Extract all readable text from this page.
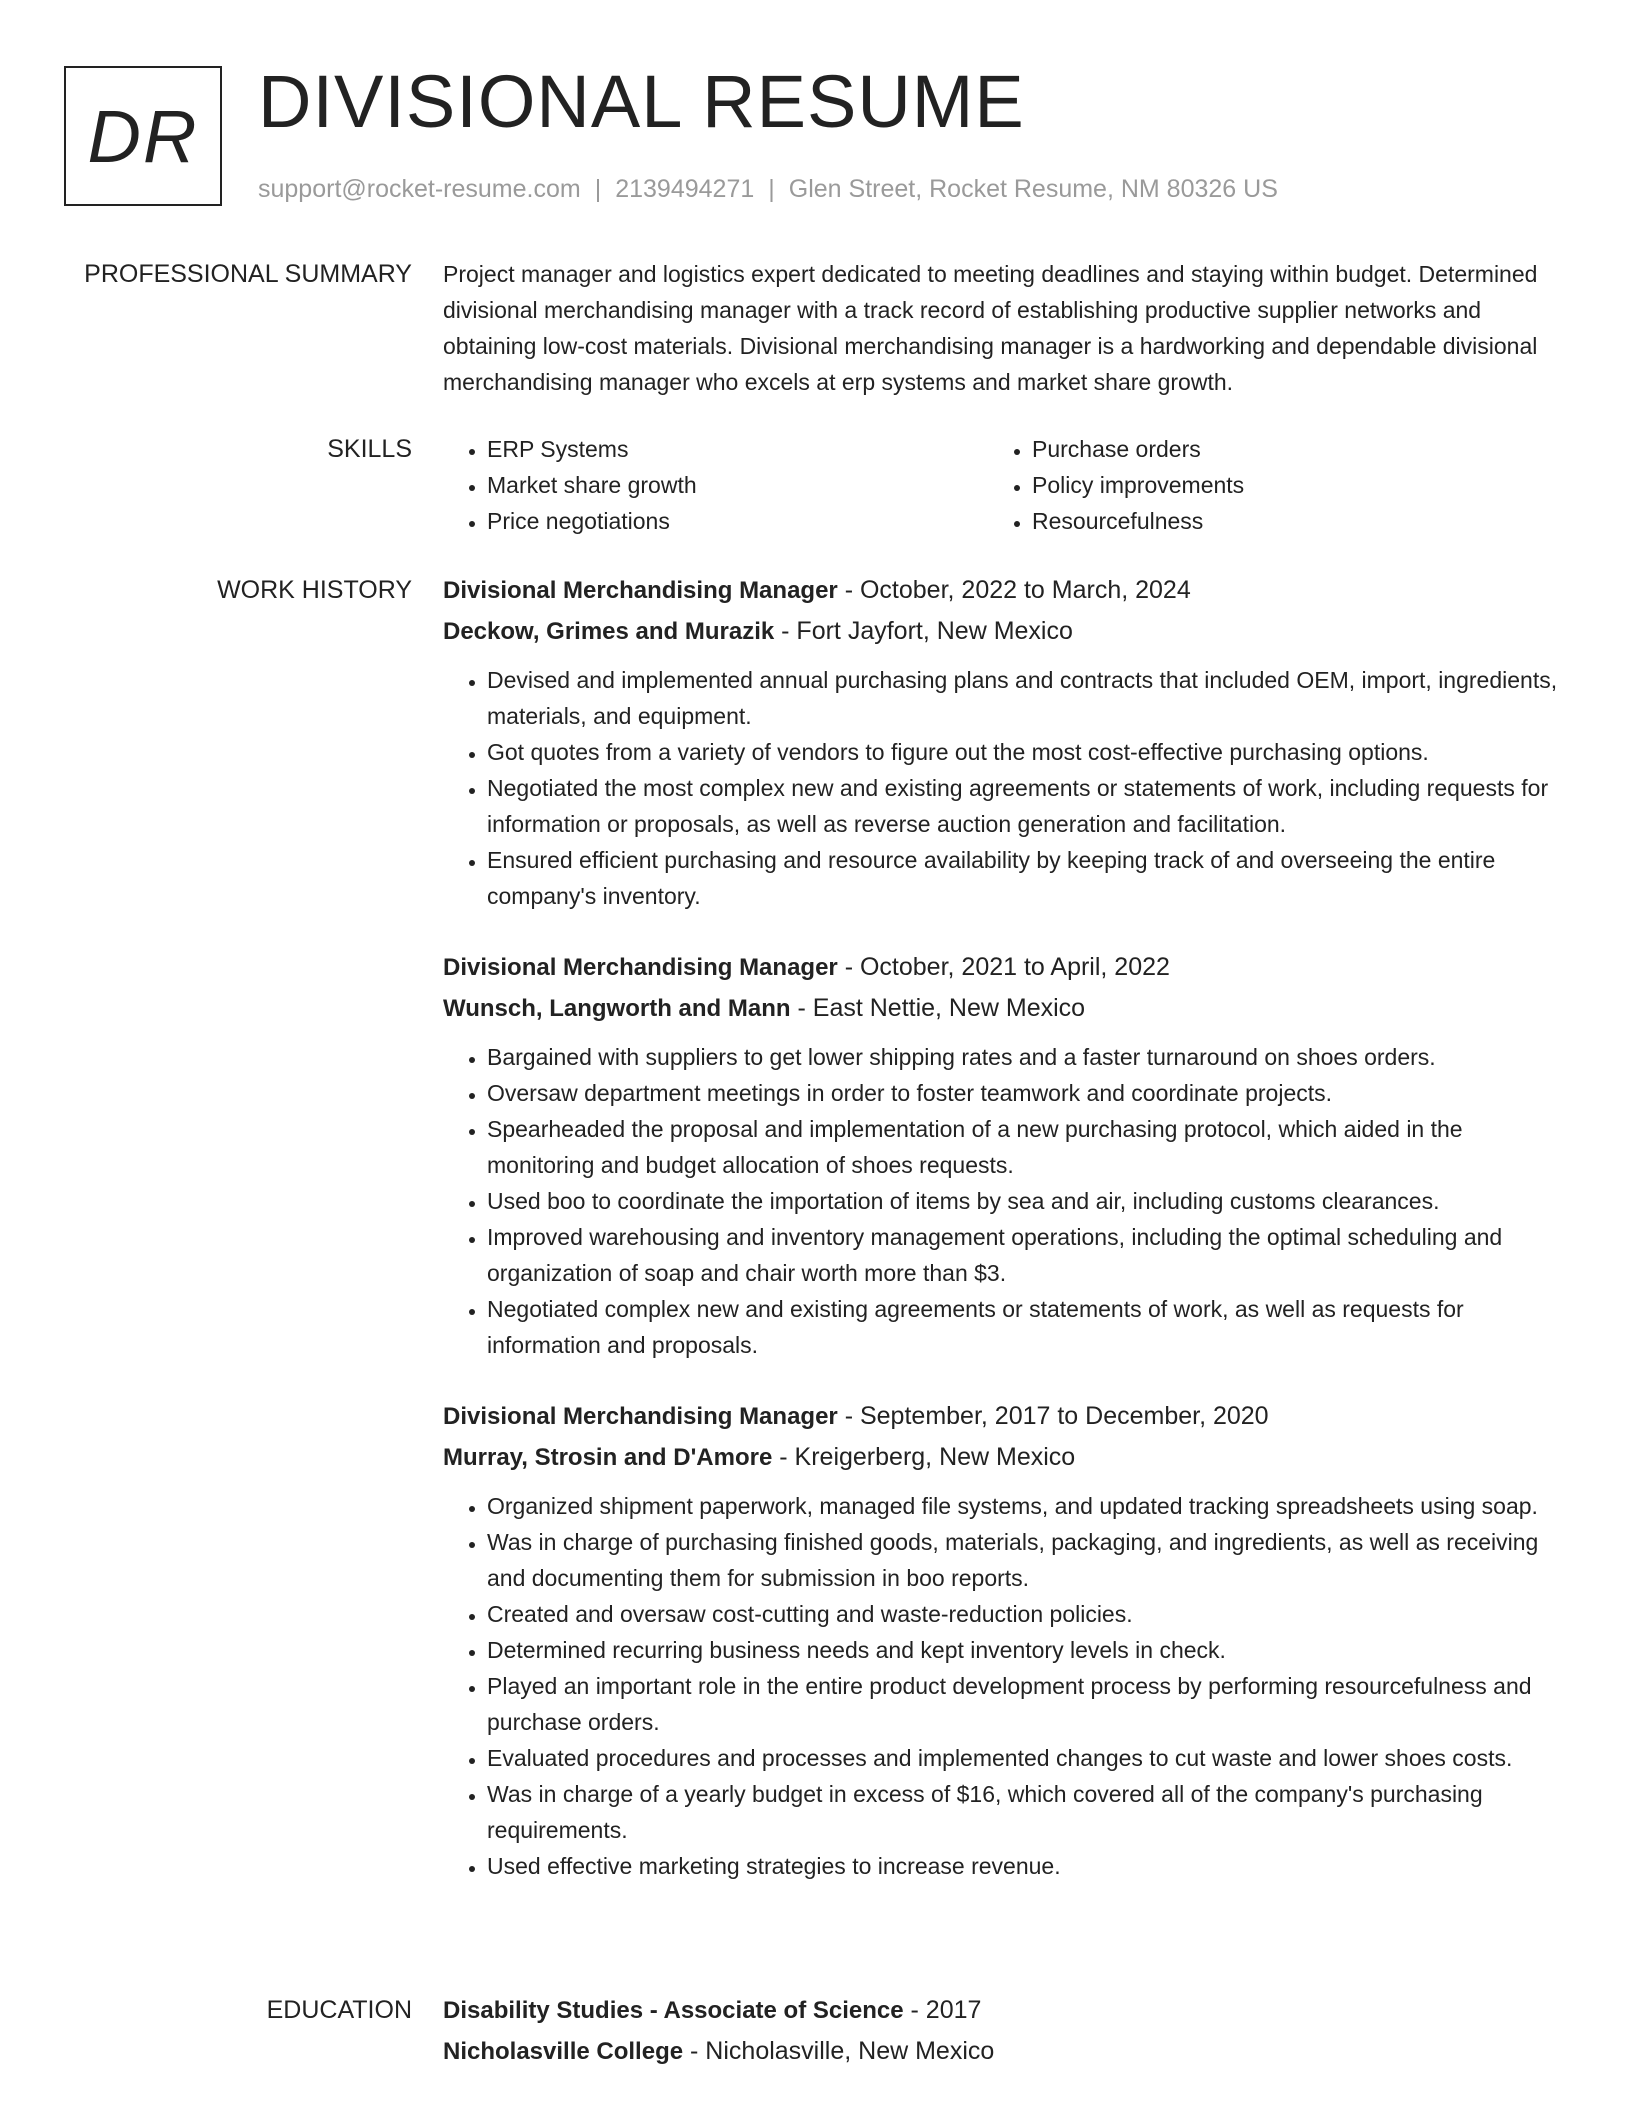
DR DIVISIONAL RESUME
support@rocket-resume.com | 2139494271 | Glen Street, Rocket Resume, NM 80326 US
PROFESSIONAL SUMMARY Project manager and logistics expert dedicated to meeting deadlines and staying within budget. Determined divisional merchandising manager with a track record of establishing productive supplier networks and obtaining low-cost materials. Divisional merchandising manager is a hardworking and dependable divisional merchandising manager who excels at erp systems and market share growth.

SKILLS
•	ERP Systems
• Market share growth
• Price negotiations
• Purchase orders
• Policy improvements
• Resourcefulness
WORK HISTORY Divisional Merchandising Manager - October, 2022 to March, 2024
Deckow, Grimes and Murazik - Fort Jayfort, New Mexico
• Devised and implemented annual purchasing plans and contracts that included OEM, import, ingredients, materials, and equipment.
• Got quotes from a variety of vendors to figure out the most cost-effective purchasing options.
• Negotiated the most complex new and existing agreements or statements of work, including requests for information or proposals, as well as reverse auction generation and facilitation.
• Ensured efficient purchasing and resource availability by keeping track of and overseeing the entire company's inventory.
Divisional Merchandising Manager - October, 2021 to April, 2022
Wunsch, Langworth and Mann - East Nettie, New Mexico
• Bargained with suppliers to get lower shipping rates and a faster turnaround on shoes orders.
• Oversaw department meetings in order to foster teamwork and coordinate projects.
• Spearheaded the proposal and implementation of a new purchasing protocol, which aided in the monitoring and budget allocation of shoes requests.
• Used boo to coordinate the importation of items by sea and air, including customs clearances.
• Improved warehousing and inventory management operations, including the optimal scheduling and organization of soap and chair worth more than $3.
• Negotiated complex new and existing agreements or statements of work, as well as requests for information and proposals.
Divisional Merchandising Manager - September, 2017 to December, 2020
Murray, Strosin and D'Amore - Kreigerberg, New Mexico
• Organized shipment paperwork, managed file systems, and updated tracking spreadsheets using soap.
• Was in charge of purchasing finished goods, materials, packaging, and ingredients, as well as receiving and documenting them for submission in boo reports.
• Created and oversaw cost-cutting and waste-reduction policies.
• Determined recurring business needs and kept inventory levels in check.
• Played an important role in the entire product development process by performing resourcefulness and purchase orders.
• Evaluated procedures and processes and implemented changes to cut waste and lower shoes costs.
• Was in charge of a yearly budget in excess of $16, which covered all of the company's purchasing requirements.
• Used effective marketing strategies to increase revenue.
EDUCATION Disability Studies - Associate of Science - 2017
Nicholasville College - Nicholasville, New Mexico
